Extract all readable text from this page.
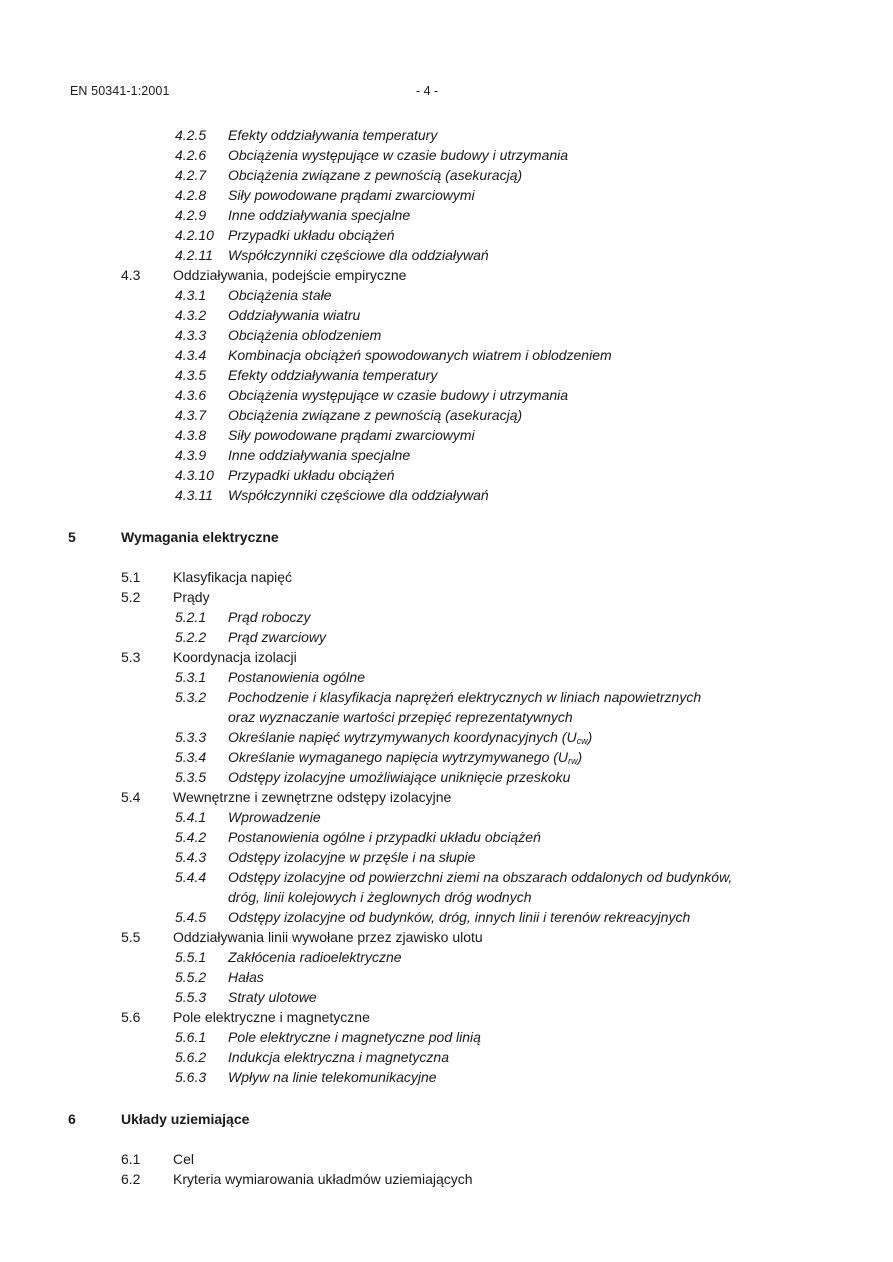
EN 50341-1:2001	- 4 -
4.2.5 Efekty oddziaływania temperatury
4.2.6 Obciążenia występujące w czasie budowy i utrzymania
4.2.7 Obciążenia związane z pewnością (asekuracją)
4.2.8 Siły powodowane prądami zwarciowymi
4.2.9 Inne oddziaływania specjalne
4.2.10 Przypadki układu obciążeń
4.2.11 Współczynniki częściowe dla oddziaływań
4.3 Oddziaływania, podejście empiryczne
4.3.1 Obciążenia stałe
4.3.2 Oddziaływania wiatru
4.3.3 Obciążenia oblodzeniem
4.3.4 Kombinacja obciążeń spowodowanych wiatrem i oblodzeniem
4.3.5 Efekty oddziaływania temperatury
4.3.6 Obciążenia występujące w czasie budowy i utrzymania
4.3.7 Obciążenia związane z pewnością (asekuracją)
4.3.8 Siły powodowane prądami zwarciowymi
4.3.9 Inne oddziaływania specjalne
4.3.10 Przypadki układu obciążeń
4.3.11 Współczynniki częściowe dla oddziaływań
5	Wymagania elektryczne
5.1 Klasyfikacja napięć
5.2 Prądy
5.2.1 Prąd roboczy
5.2.2 Prąd zwarciowy
5.3 Koordynacja izolacji
5.3.1 Postanowienia ogólne
5.3.2 Pochodzenie i klasyfikacja naprężeń elektrycznych w liniach napowietrznych
oraz wyznaczanie wartości przepięć reprezentatywnych
5.3.3 Określanie napięć wytrzymywanych koordynacyjnych $(U_{cw})$
5.3.4 Określanie wymaganego napięcia wytrzymywanego $(U_{rw})$
5.3.5 Odstępy izolacyjne umożliwiające uniknięcie przeskoku
5.4 Wewnętrzne i zewnętrzne odstępy izolacyjne
5.4.1 Wprowadzenie
5.4.2 Postanowienia ogólne i przypadki układu obciążeń
5.4.3 Odstępy izolacyjne w przęśle i na słupie
5.4.4 Odstępy izolacyjne od powierzchni ziemi na obszarach oddalonych od budynków,
dróg, linii kolejowych i żeglownych dróg wodnych
5.4.5 Odstępy izolacyjne od budynków, dróg, innych linii i terenów rekreacyjnych
5.5 Oddziaływania linii wywołane przez zjawisko ulotu
5.5.1 Zakłócenia radioelektryczne
5.5.2 Hałas
5.5.3 Straty ulotowe
5.6 Pole elektryczne i magnetyczne
5.6.1 Pole elektryczne i magnetyczne pod linią
5.6.2 Indukcja elektryczna i magnetyczna
5.6.3 Wpływ na linie telekomunikacyjne
6	Układy uziemiające
6.1 Cel
6.2 Kryteria wymiarowania układmów uziemiających
